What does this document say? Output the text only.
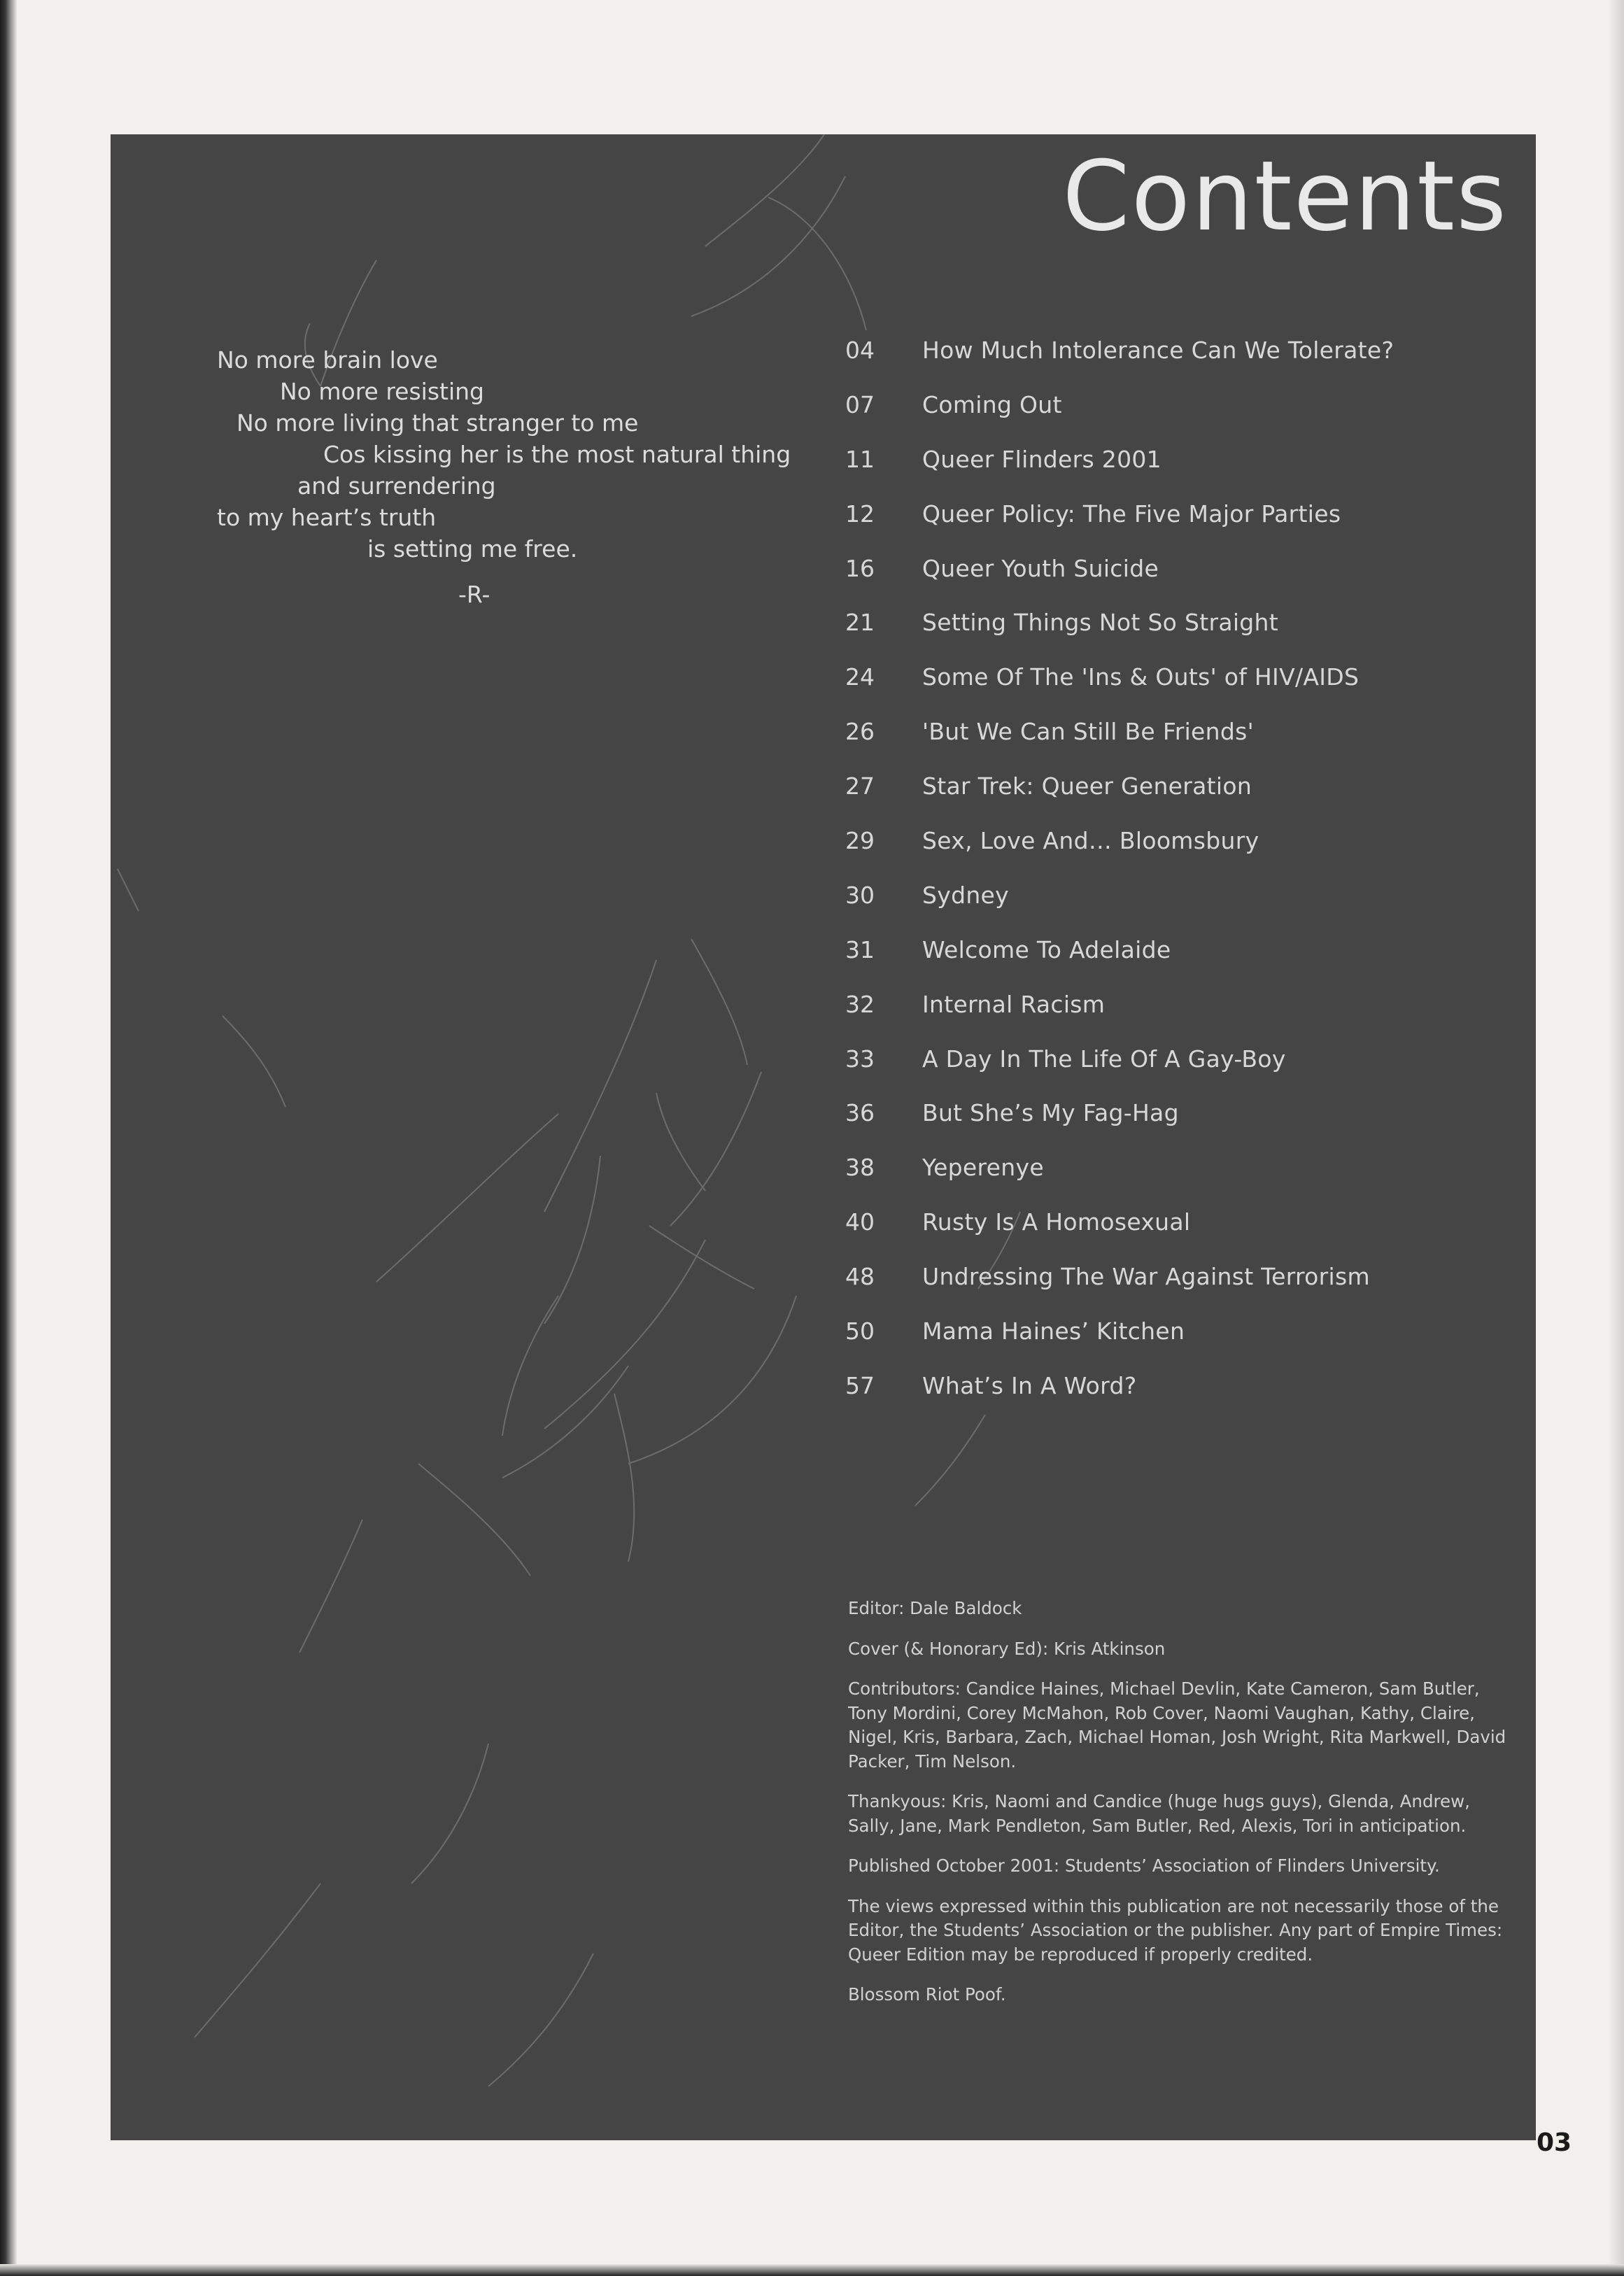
Contents
No more brain love
No more resisting
No more living that stranger to me
Cos kissing her is the most natural thing
and surrendering
to my heart’s truth
is setting me free.
-R-
04	How Much Intolerance Can We Tolerate?
07	Coming Out
11	Queer Flinders 2001
12	Queer Policy: The Five Major Parties
16	Queer Youth Suicide
21	Setting Things Not So Straight
24	Some Of The 'Ins & Outs' of HIV/AIDS
26	'But We Can Still Be Friends'
27	Star Trek: Queer Generation
29	Sex, Love And… Bloomsbury
30	Sydney
31	Welcome To Adelaide
32	Internal Racism
33	A Day In The Life Of A Gay-Boy
36	But She’s My Fag-Hag
38	Yeperenye
40	Rusty Is A Homosexual
48	Undressing The War Against Terrorism
50	Mama Haines’ Kitchen
57	What’s In A Word?

Editor: Dale Baldock

Cover (& Honorary Ed): Kris Atkinson

Contributors: Candice Haines, Michael Devlin, Kate Cameron, Sam Butler, Tony Mordini, Corey McMahon, Rob Cover, Naomi Vaughan, Kathy, Claire, Nigel, Kris, Barbara, Zach, Michael Homan, Josh Wright, Rita Markwell, David Packer, Tim Nelson.

Thankyous: Kris, Naomi and Candice (huge hugs guys), Glenda, Andrew, Sally, Jane, Mark Pendleton, Sam Butler, Red, Alexis, Tori in anticipation.

Published October 2001: Students’ Association of Flinders University.

The views expressed within this publication are not necessarily those of the Editor, the Students’ Association or the publisher. Any part of Empire Times: Queer Edition may be reproduced if properly credited.

Blossom Riot Poof.

03
